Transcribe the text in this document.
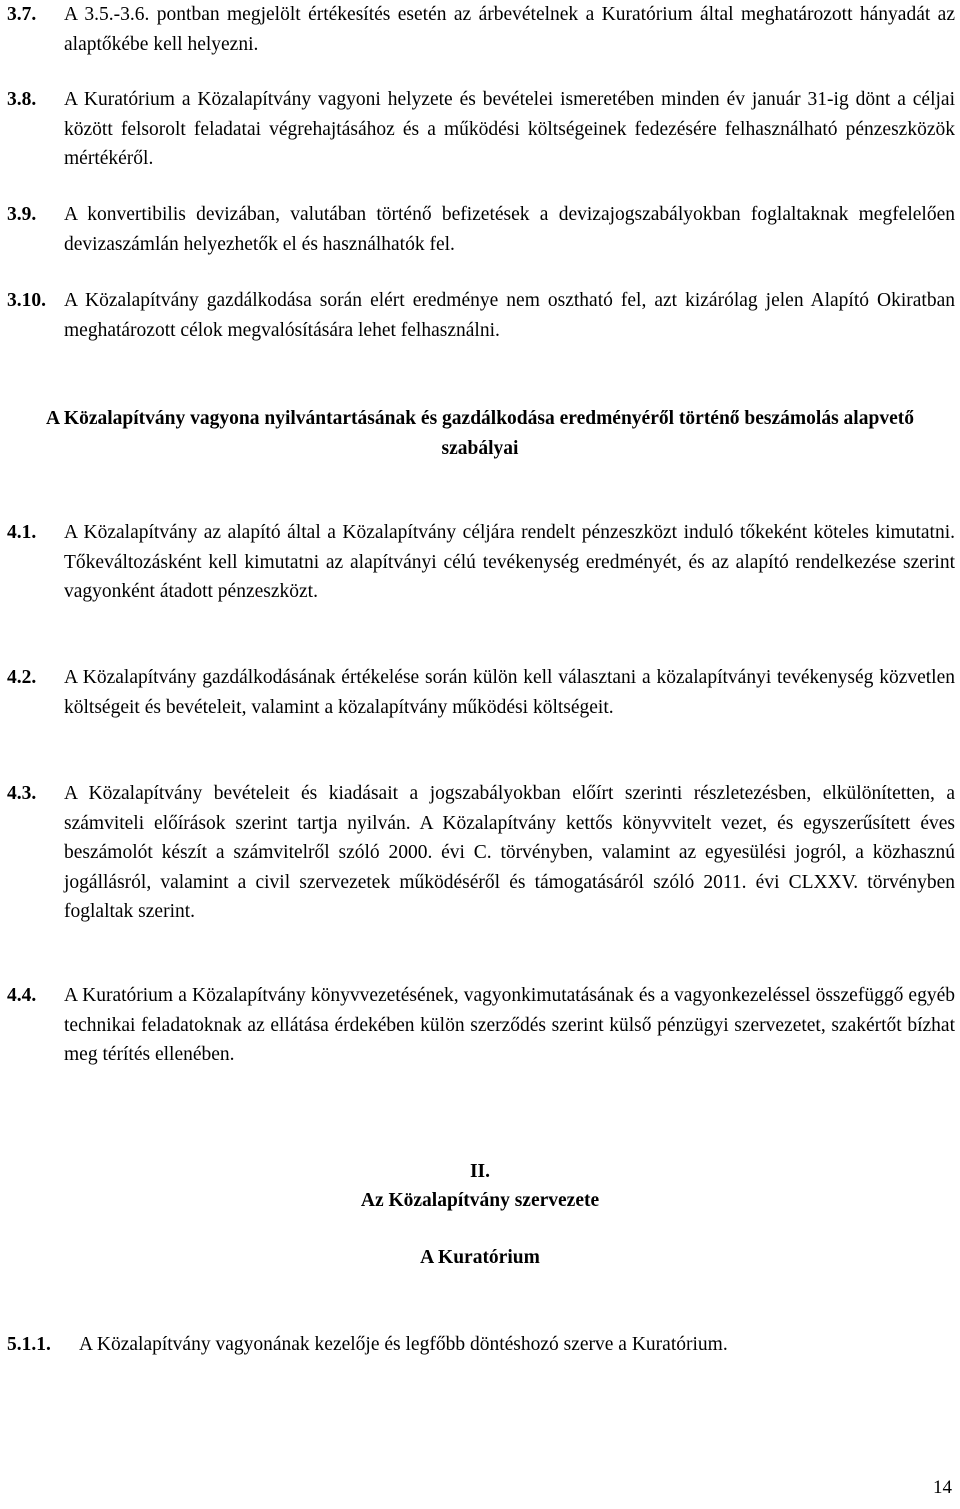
3.7. A 3.5.-3.6. pontban megjelölt értékesítés esetén az árbevételnek a Kuratórium által meghatározott hányadát az alaptőkébe kell helyezni.
3.8. A Kuratórium a Közalapítvány vagyoni helyzete és bevételei ismeretében minden év január 31-ig dönt a céljai között felsorolt feladatai végrehajtásához és a működési költségeinek fedezésére felhasználható pénzeszközök mértékéről.
3.9. A konvertibilis devizában, valutában történő befizetések a devizajogszabályokban foglaltaknak megfelelően devizaszámlán helyezhetők el és használhatók fel.
3.10. A Közalapítvány gazdálkodása során elért eredménye nem osztható fel, azt kizárólag jelen Alapító Okiratban meghatározott célok megvalósítására lehet felhasználni.
A Közalapítvány vagyona nyilvántartásának és gazdálkodása eredményéről történő beszámolás alapvető szabályai
4.1. A Közalapítvány az alapító által a Közalapítvány céljára rendelt pénzeszközt induló tőkeként köteles kimutatni. Tőkeváltozásként kell kimutatni az alapítványi célú tevékenység eredményét, és az alapító rendelkezése szerint vagyonként átadott pénzeszközt.
4.2. A Közalapítvány gazdálkodásának értékelése során külön kell választani a közalapítványi tevékenység közvetlen költségeit és bevételeit, valamint a közalapítvány működési költségeit.
4.3. A Közalapítvány bevételeit és kiadásait a jogszabályokban előírt szerinti részletezésben, elkülönítetten, a számviteli előírások szerint tartja nyilván. A Közalapítvány kettős könyvvitelt vezet, és egyszerűsített éves beszámolót készít a számvitelről szóló 2000. évi C. törvényben, valamint az egyesülési jogról, a közhasznú jogállásról, valamint a civil szervezetek működéséről és támogatásáról szóló 2011. évi CLXXV. törvényben foglaltak szerint.
4.4. A Kuratórium a Közalapítvány könyvvezetésének, vagyonkimutatásának és a vagyonkezeléssel összefüggő egyéb technikai feladatoknak az ellátása érdekében külön szerződés szerint külső pénzügyi szervezetet, szakértőt bízhat meg térítés ellenében.
II.
Az Közalapítvány szervezete
A Kuratórium
5.1.1. A Közalapítvány vagyonának kezelője és legfőbb döntéshozó szerve a Kuratórium.
14
